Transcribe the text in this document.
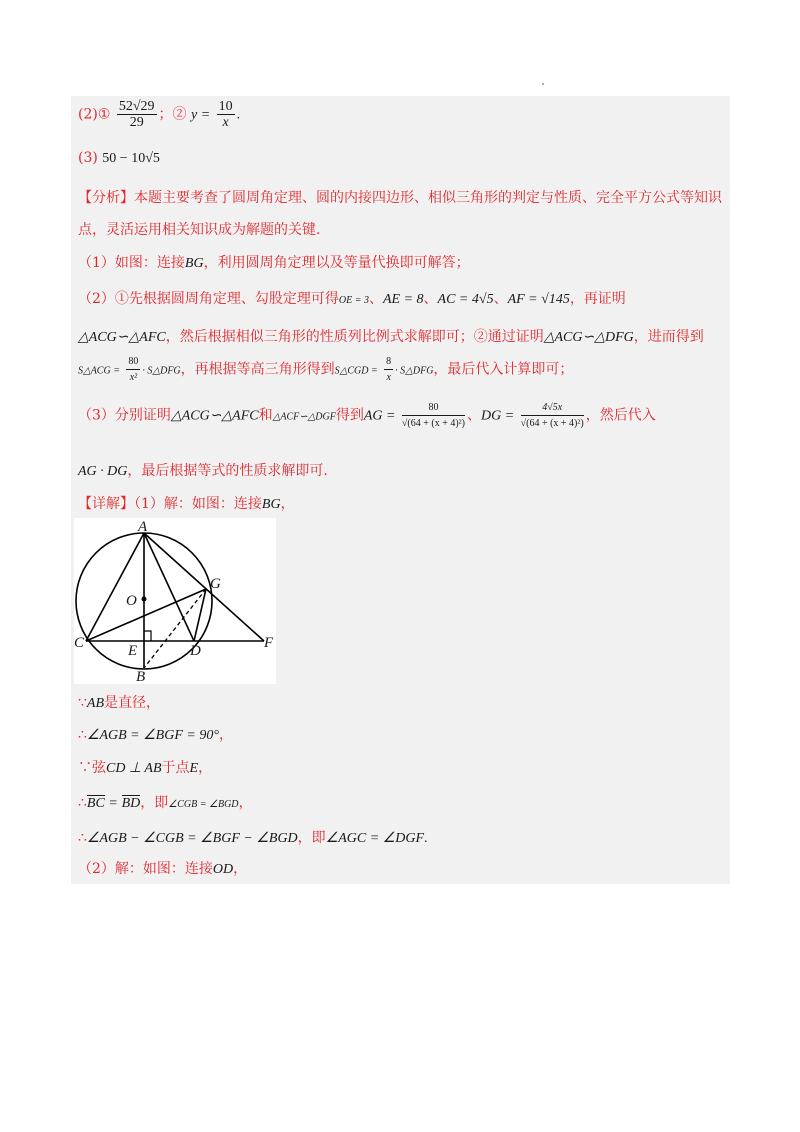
(2)① $\frac{52√29}{29}$ ；② $y = \frac{10}{x}$ .
(3) 50 − 10√5
【分析】本题主要考查了圆周角定理、圆的内接四边形、相似三角形的判定与性质、完全平方公式等知识
点，灵活运用相关知识成为解题的关键.
（1）如图：连接BG，利用圆周角定理以及等量代换即可解答；
（2）①先根据圆周角定理、勾股定理可得OE = 3、AE = 8、AC = 4√5、AF = √145，再证明
△ACG∽△AFC，然后根据相似三角形的性质列比例式求解即可；②通过证明△ACG∽△DFG，进而得到
S△ACG = $\frac{80}{\text{x²}}$ · S△DFG，再根据等高三角形得到S△CGD = $\frac{8}{x}$ · S△DFG，最后代入计算即可；
（3）分别证明△ACG∽△AFC和△ACF∽△DGF得到AG = $\frac{80}{\text{√(64 + (x + 4)²)}}$ 、DG = $\frac{4√5x}{\text{√(64 + (x + 4)²)}}$ ，然后代入
AG · DG，最后根据等式的性质求解即可.
【详解】（1）解：如图：连接BG，
A
G
O
C	E	D	F
B
∵AB是直径，
∴∠AGB = ∠BGF = 90°，
∵弦CD ⊥ AB于点E，
∴BC = BD，即∠CGB = ∠BGD，
∴∠AGB − ∠CGB = ∠BGF − ∠BGD，即∠AGC = ∠DGF.
（2）解：如图：连接OD，
